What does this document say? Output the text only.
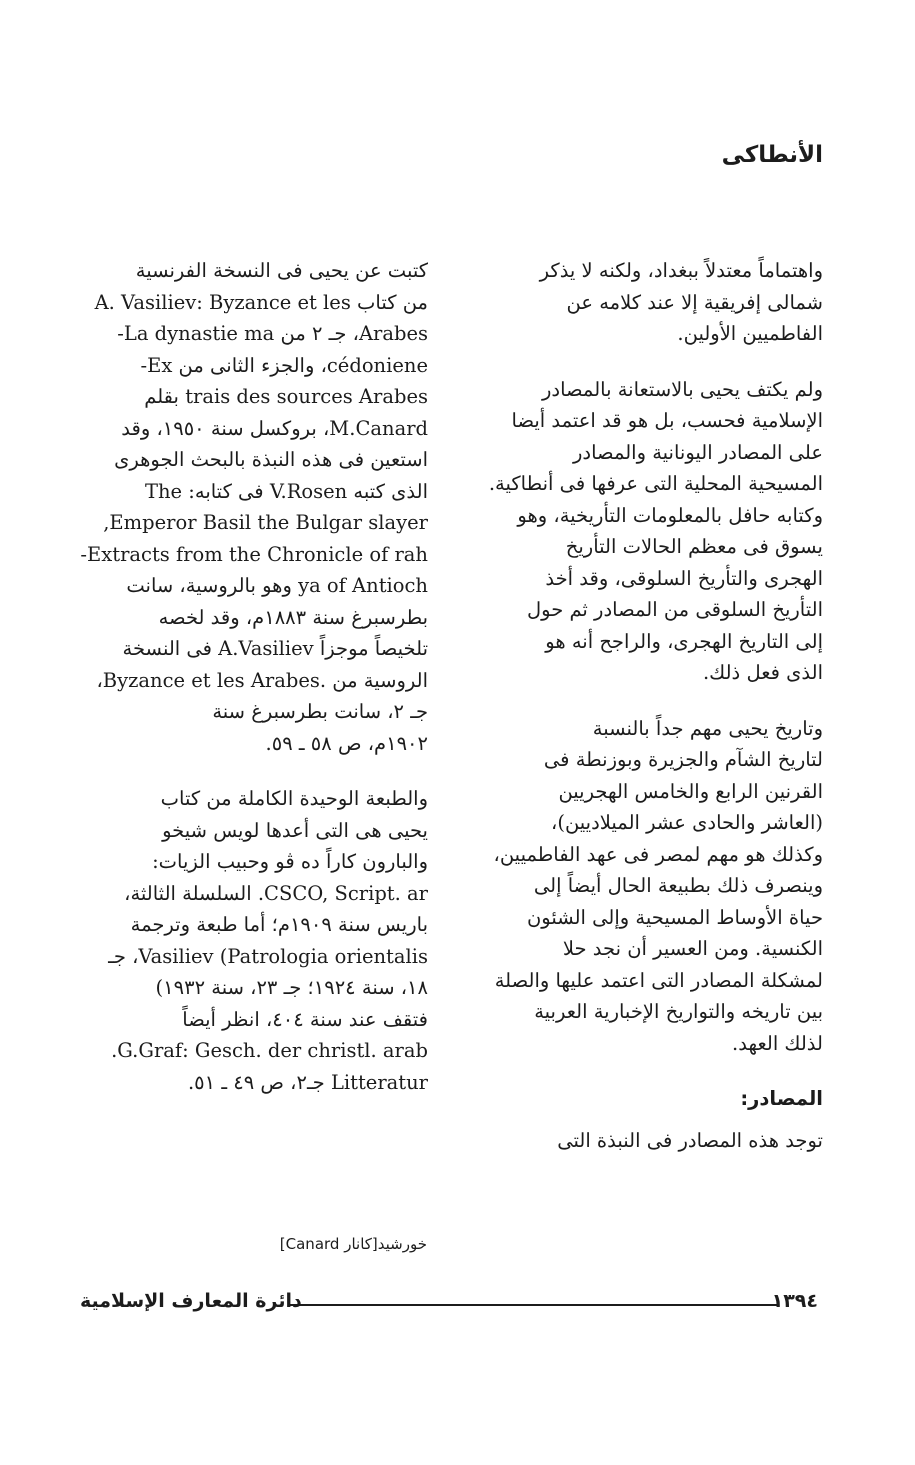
الأنطاكى
واهتماماً معتدلاً ببغداد، ولكنه لا يذكر
شمالى إفريقية إلا عند كلامه عن
الفاطميين الأولين.
ولم يكتف يحيى بالاستعانة بالمصادر
الإسلامية فحسب، بل هو قد اعتمد أيضا
على المصادر اليونانية والمصادر
المسيحية المحلية التى عرفها فى أنطاكية.
وكتابه حافل بالمعلومات التأريخية، وهو
يسوق فى معظم الحالات التأريخ
الهجرى والتأريخ السلوقى، وقد أخذ
التأريخ السلوقى من المصادر ثم حول
إلى التاريخ الهجرى، والراجح أنه هو
الذى فعل ذلك.
وتاريخ يحيى مهم جداً بالنسبة
لتاريخ الشآم والجزيرة وبوزنطة فى
القرنين الرابع والخامس الهجريين
(العاشر والحادى عشر الميلاديين)،
وكذلك هو مهم لمصر فى عهد الفاطميين،
وينصرف ذلك بطبيعة الحال أيضاً إلى
حياة الأوساط المسيحية وإلى الشئون
الكنسية. ومن العسير أن نجد حلا
لمشكلة المصادر التى اعتمد عليها والصلة
بين تاريخه والتواريخ الإخبارية العربية
لذلك العهد.
المصادر:
توجد هذه المصادر فى النبذة التى
كتبت عن يحيى فى النسخة الفرنسية
من كتاب A. Vasiliev: Byzance et les
Arabes، جـ ٢ من La dynastie ma-
cédoniene، والجزء الثانى من Ex-
trais des sources Arabes بقلم
M.Canard، بروكسل سنة ١٩٥٠، وقد
استعين فى هذه النبذة بالبحث الجوهرى
الذى كتبه V.Rosen فى كتابه: The
Emperor Basil the Bulgar slayer,
Extracts from the Chronicle of rah-
ya of Antioch وهو بالروسية، سانت
بطرسبرغ سنة ١٨٨٣م، وقد لخصه
تلخيصاً موجزاً A.Vasiliev فى النسخة
الروسية من .Byzance et les Arabes،
جـ ٢، سانت بطرسبرغ سنة
١٩٠٢م، ص ٥٨ ـ ٥٩.
والطبعة الوحيدة الكاملة من كتاب
يحيى هى التى أعدها لويس شيخو
والبارون كاراً ده ڤو وحبيب الزيات:
CSCO, Script. ar. السلسلة الثالثة،
باريس سنة ١٩٠٩م؛ أما طبعة وترجمة
Vasiliev (Patrologia orientalis، جـ
١٨، سنة ١٩٢٤؛ جـ ٢٣، سنة ١٩٣٢)
فتقف عند سنة ٤٠٤، انظر أيضاً
G.Graf: Gesch. der christl. arab.
Litteratur جـ٢، ص ٤٩ ـ ٥١.
خورشيد[كانار Canard]
دائرة المعارف الإسلامية	١٣٩٤
